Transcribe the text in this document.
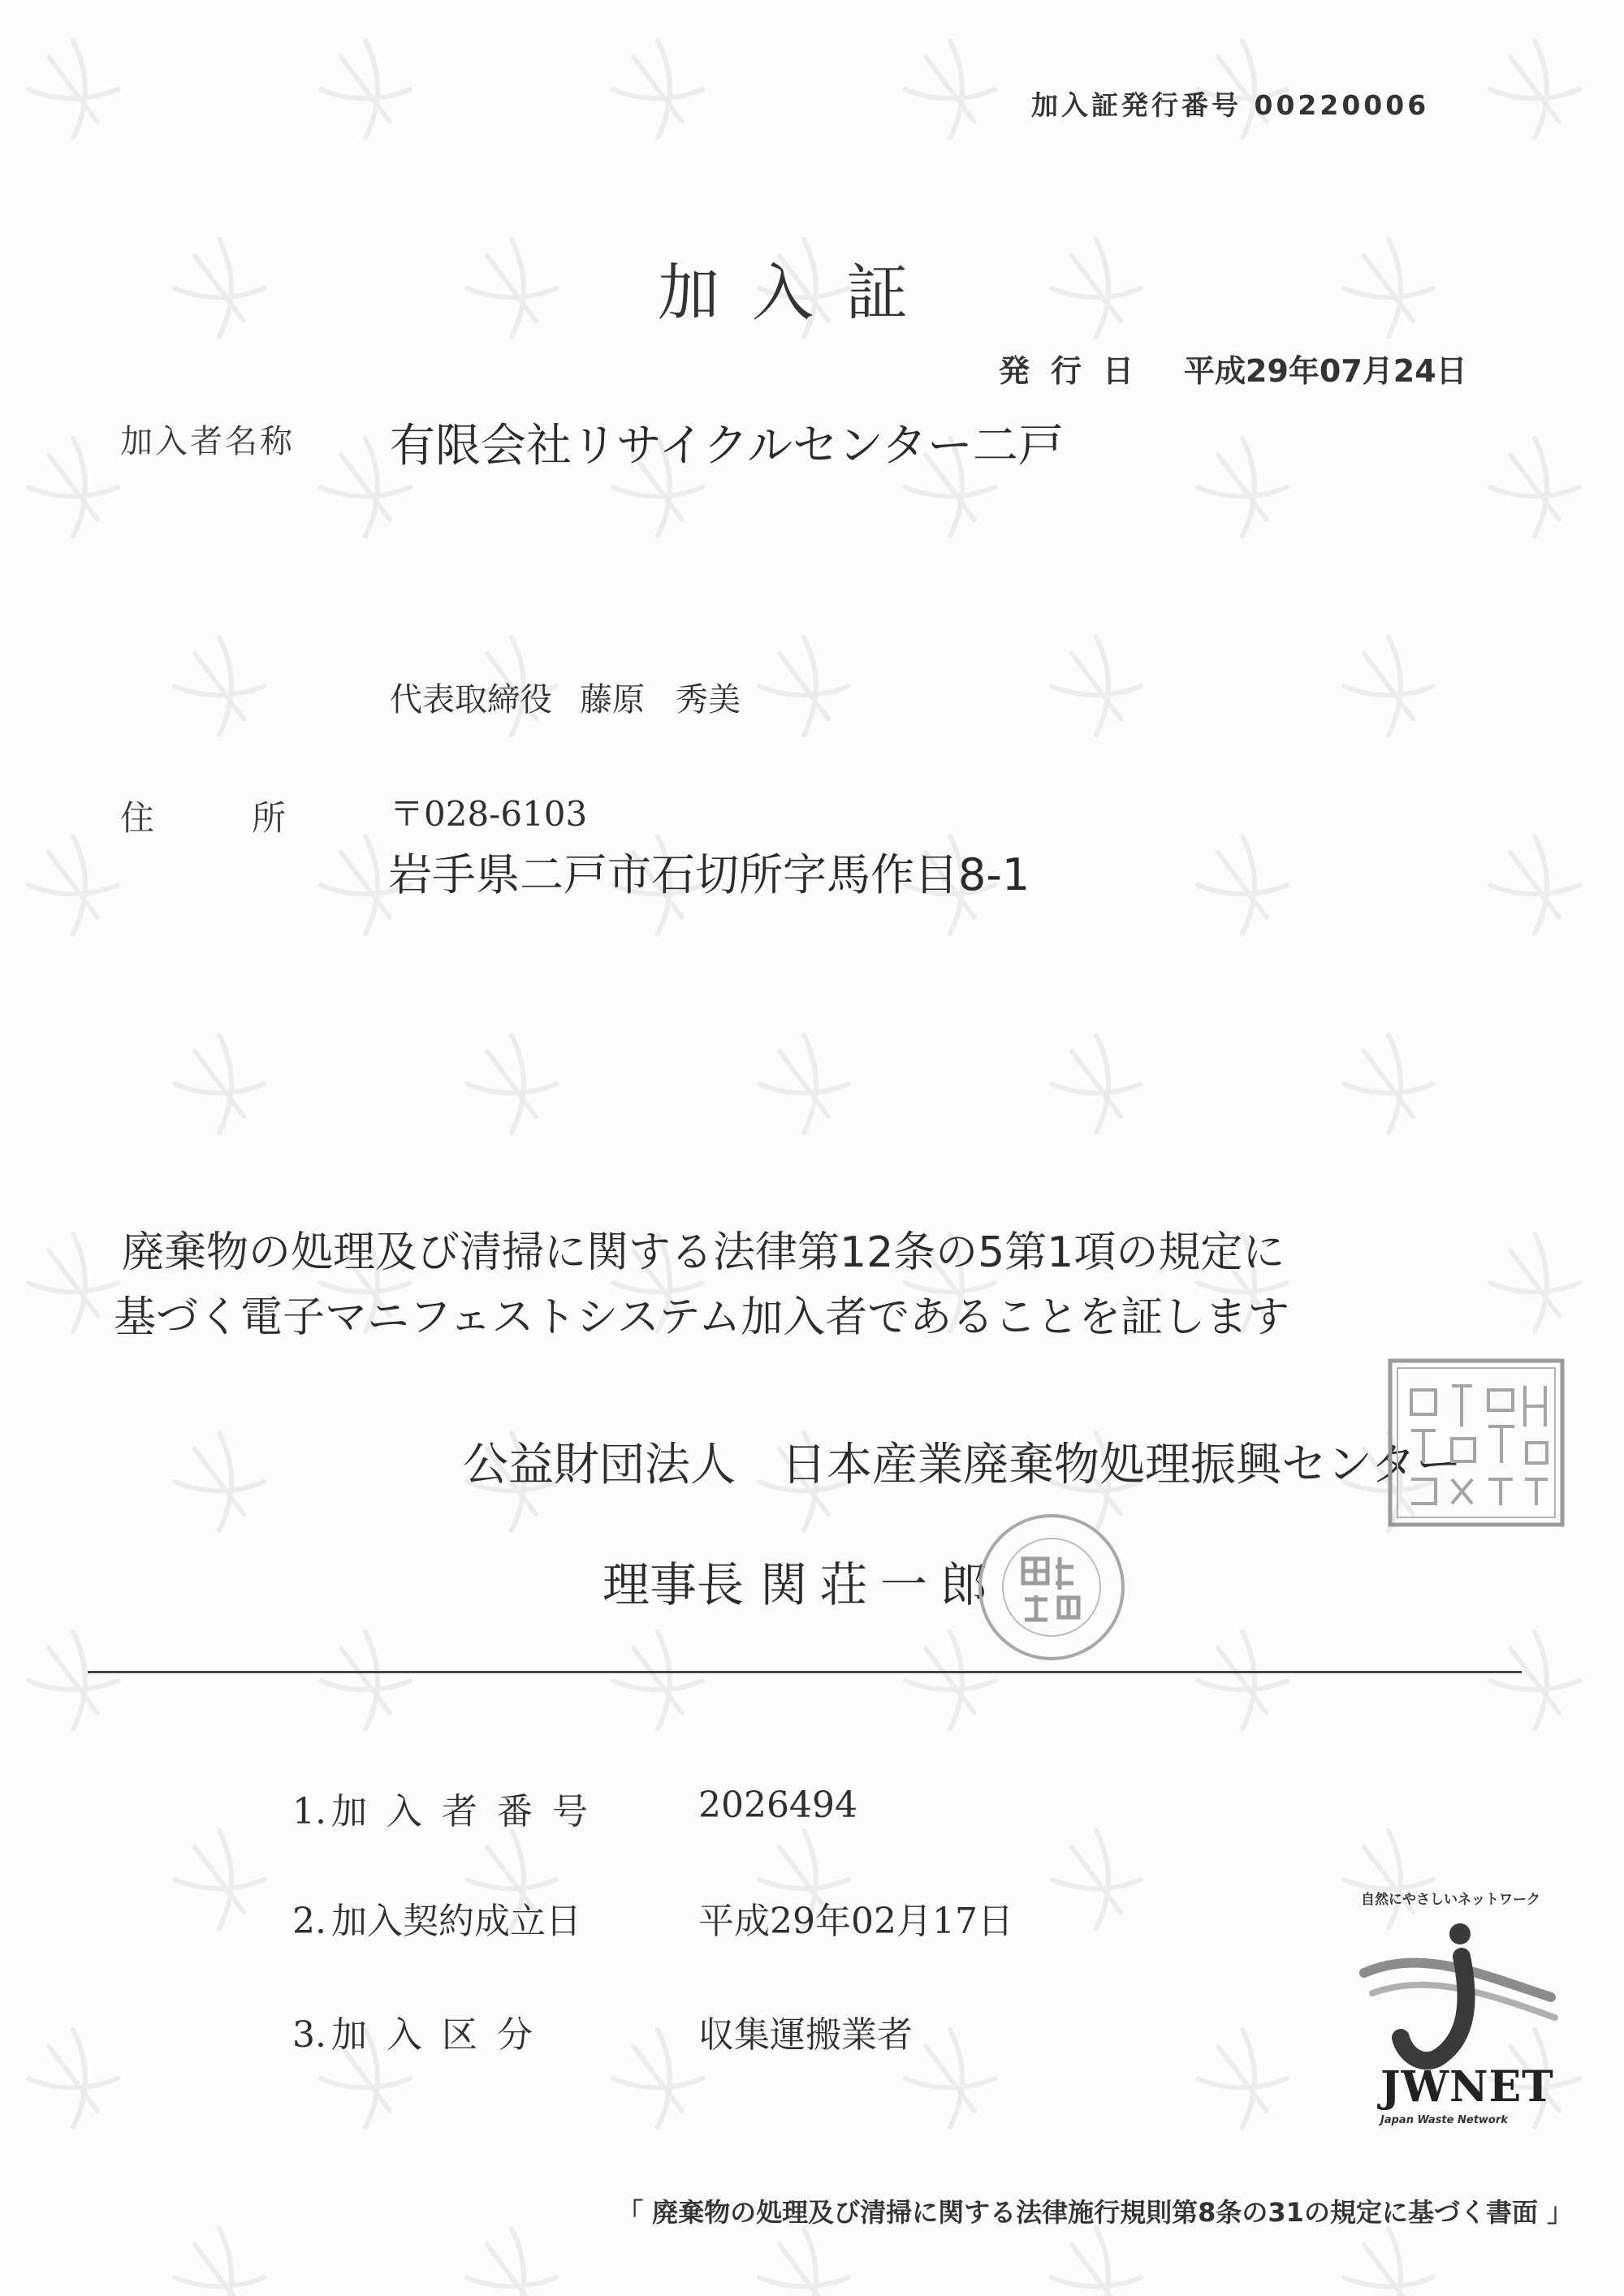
加入証発行番号 00220006
加入証
発行日 平成29年07月24日
加入者名称 有限会社リサイクルセンター二戸
代表取締役 藤原 秀美
住所 〒028-6103
岩手県二戸市石切所字馬作目8-1
廃棄物の処理及び清掃に関する法律第12条の5第1項の規定に
基づく電子マニフェストシステム加入者であることを証します
公益財団法人　日本産業廃棄物処理振興センター
理事長 関荘一郎
1. 加入者番号	2026494
2. 加入契約成立日	平成29年02月17日
3. 加入区分	収集運搬業者
自然にやさしいネットワーク
JWNET
Japan Waste Network
「 廃棄物の処理及び清掃に関する法律施行規則第8条の31の規定に基づく書面 」
